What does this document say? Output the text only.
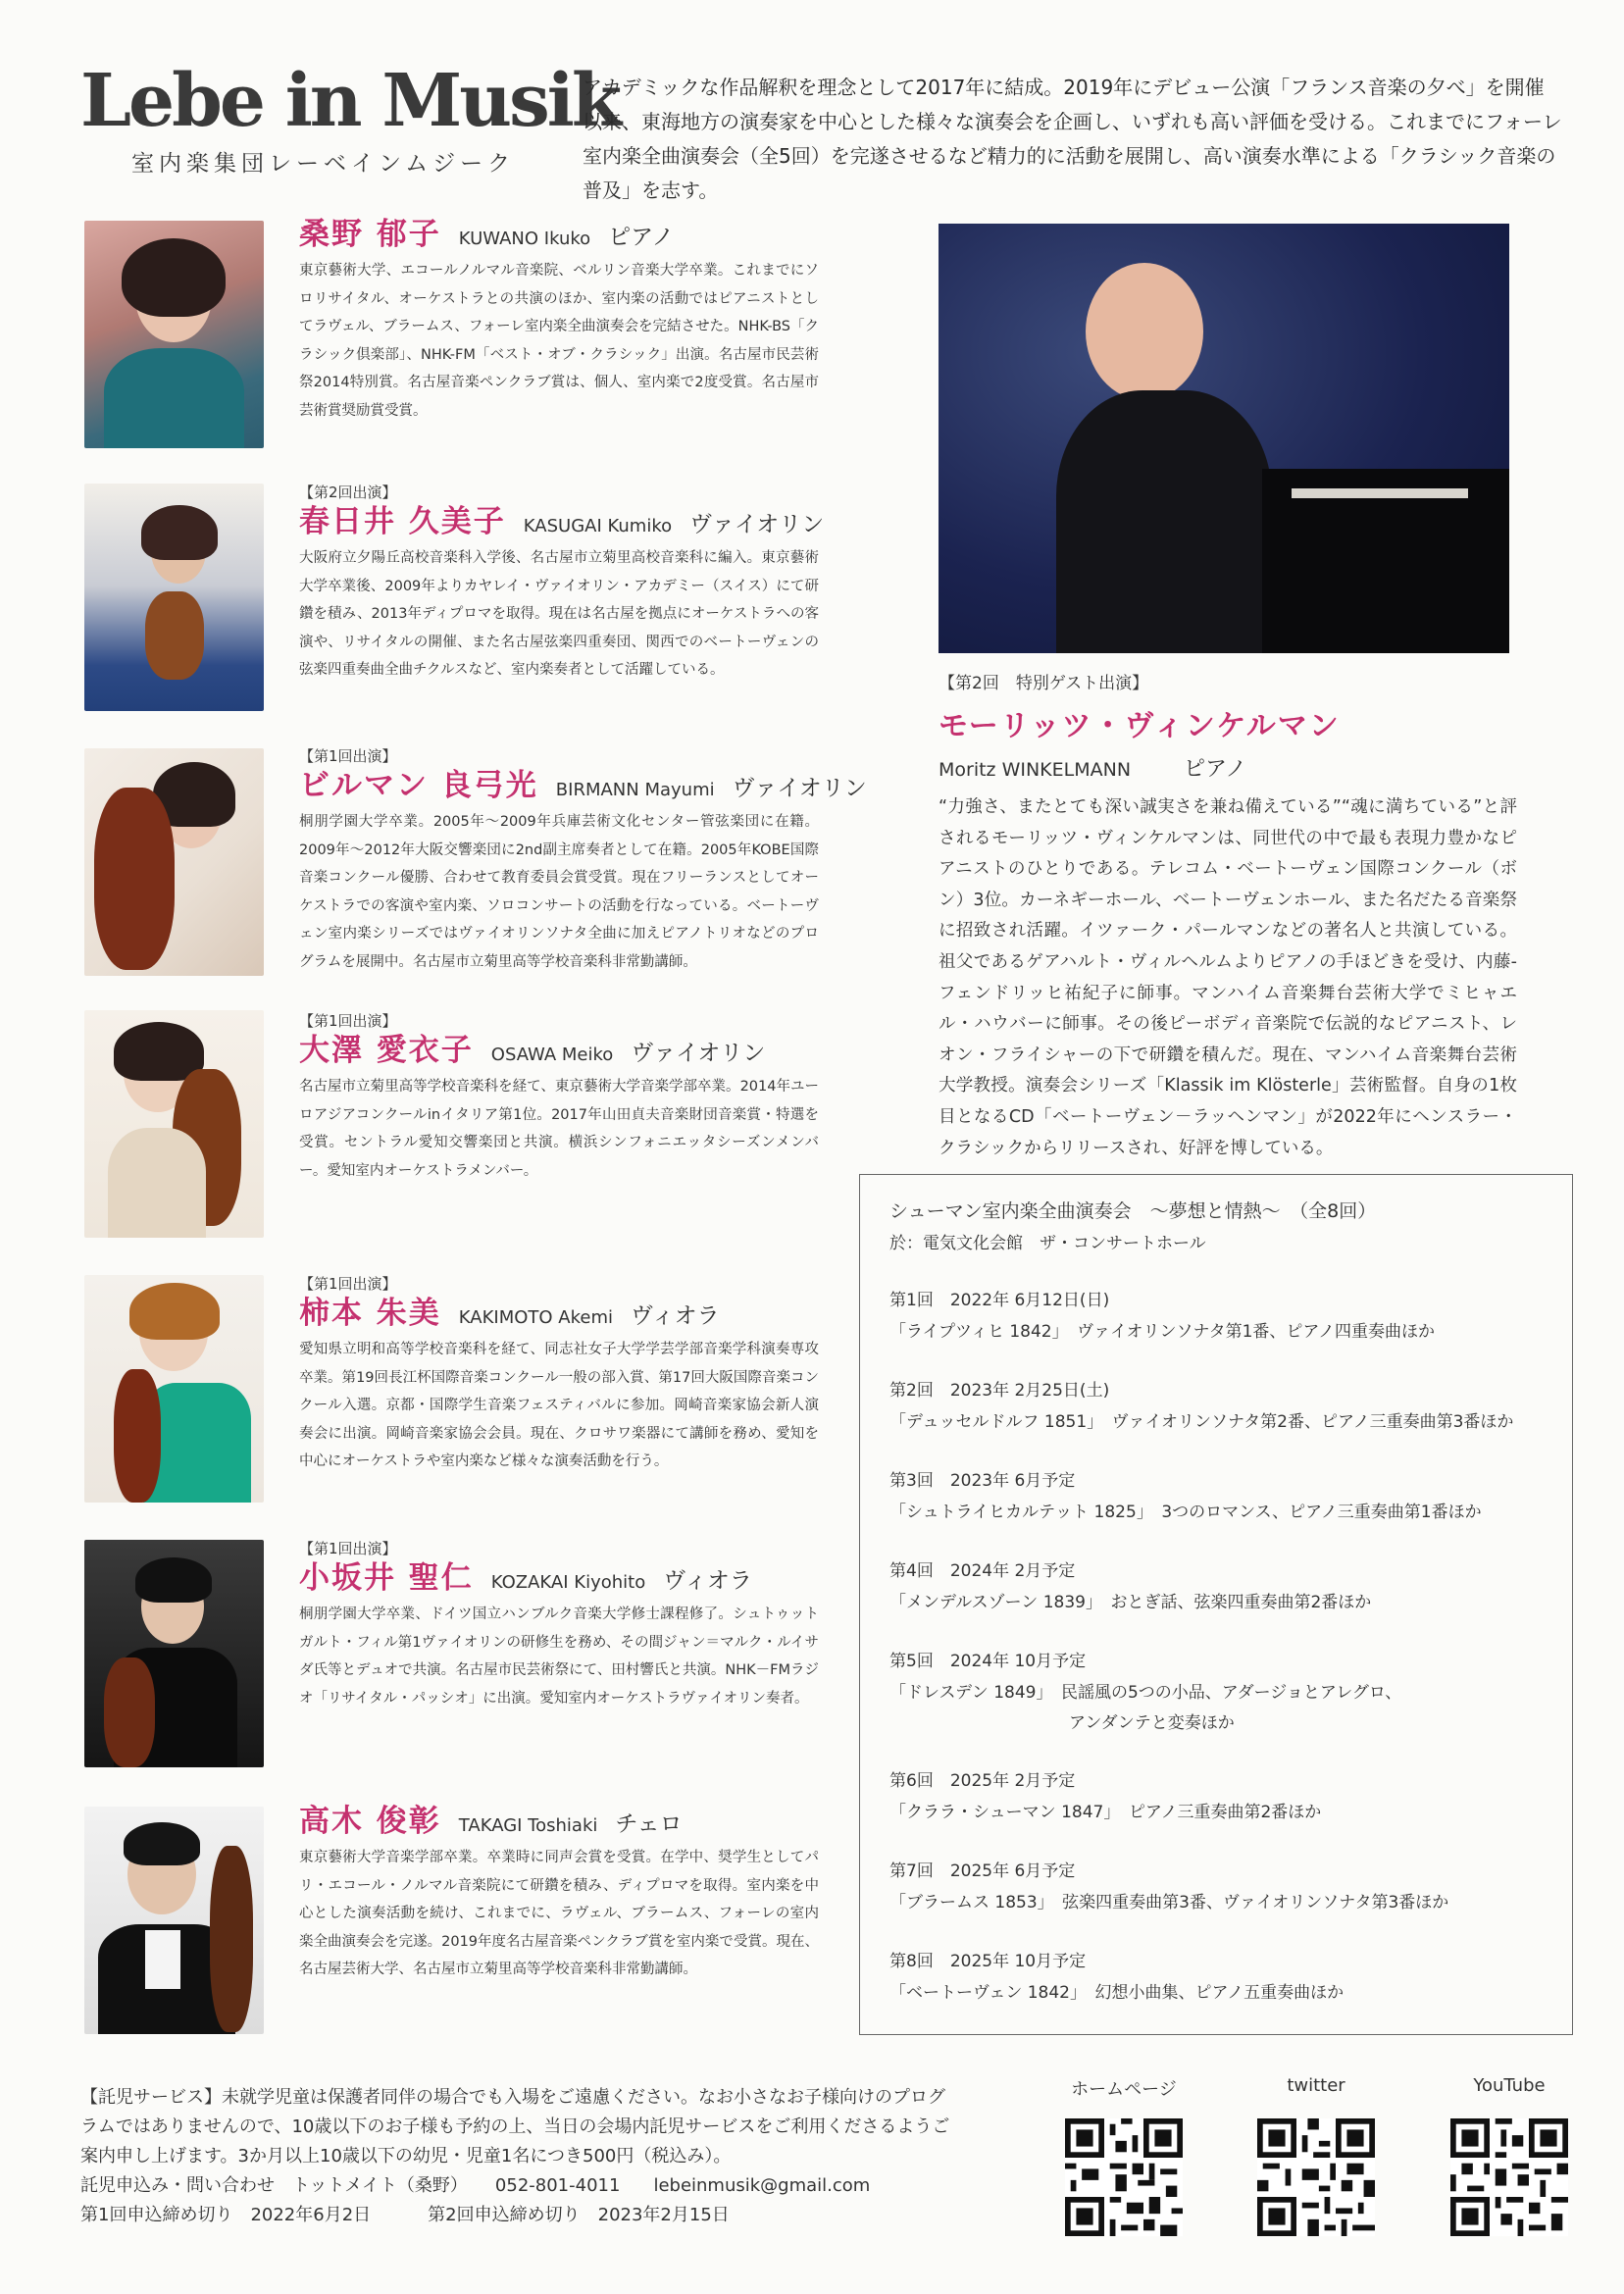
Lebe in Musik
室内楽集団レーベインムジーク
アカデミックな作品解釈を理念として2017年に結成。2019年にデビュー公演「フランス音楽の夕べ」を開催以来、東海地方の演奏家を中心とした様々な演奏会を企画し、いずれも高い評価を受ける。これまでにフォーレ室内楽全曲演奏会（全5回）を完遂させるなど精力的に活動を展開し、高い演奏水準による「クラシック音楽の普及」を志す。
桑野 郁子 KUWANO Ikuko ピアノ
東京藝術大学、エコールノルマル音楽院、ベルリン音楽大学卒業。これまでにソロリサイタル、オーケストラとの共演のほか、室内楽の活動ではピアニストとしてラヴェル、ブラームス、フォーレ室内楽全曲演奏会を完結させた。NHK-BS「クラシック倶楽部」、NHK-FM「ベスト・オブ・クラシック」出演。名古屋市民芸術祭2014特別賞。名古屋音楽ペンクラブ賞は、個人、室内楽で2度受賞。名古屋市芸術賞奨励賞受賞。
【第2回出演】
春日井 久美子 KASUGAI Kumiko ヴァイオリン
大阪府立夕陽丘高校音楽科入学後、名古屋市立菊里高校音楽科に編入。東京藝術大学卒業後、2009年よりカヤレイ・ヴァイオリン・アカデミー（スイス）にて研鑽を積み、2013年ディプロマを取得。現在は名古屋を拠点にオーケストラへの客演や、リサイタルの開催、また名古屋弦楽四重奏団、関西でのベートーヴェンの弦楽四重奏曲全曲チクルスなど、室内楽奏者として活躍している。
【第1回出演】
ビルマン 良弓光 BIRMANN Mayumi ヴァイオリン
桐朋学園大学卒業。2005年～2009年兵庫芸術文化センター管弦楽団に在籍。2009年～2012年大阪交響楽団に2nd副主席奏者として在籍。2005年KOBE国際音楽コンクール優勝、合わせて教育委員会賞受賞。現在フリーランスとしてオーケストラでの客演や室内楽、ソロコンサートの活動を行なっている。ベートーヴェン室内楽シリーズではヴァイオリンソナタ全曲に加えピアノトリオなどのプログラムを展開中。名古屋市立菊里高等学校音楽科非常勤講師。
【第1回出演】
大澤 愛衣子 OSAWA Meiko ヴァイオリン
名古屋市立菊里高等学校音楽科を経て、東京藝術大学音楽学部卒業。2014年ユーロアジアコンクールinイタリア第1位。2017年山田貞夫音楽財団音楽賞・特選を受賞。セントラル愛知交響楽団と共演。横浜シンフォニエッタシーズンメンバー。愛知室内オーケストラメンバー。
【第1回出演】
柿本 朱美 KAKIMOTO Akemi ヴィオラ
愛知県立明和高等学校音楽科を経て、同志社女子大学学芸学部音楽学科演奏専攻卒業。第19回長江杯国際音楽コンクール一般の部入賞、第17回大阪国際音楽コンクール入選。京都・国際学生音楽フェスティバルに参加。岡崎音楽家協会新人演奏会に出演。岡崎音楽家協会会員。現在、クロサワ楽器にて講師を務め、愛知を中心にオーケストラや室内楽など様々な演奏活動を行う。
【第1回出演】
小坂井 聖仁 KOZAKAI Kiyohito ヴィオラ
桐朋学園大学卒業、ドイツ国立ハンブルク音楽大学修士課程修了。シュトゥットガルト・フィル第1ヴァイオリンの研修生を務め、その間ジャン＝マルク・ルイサダ氏等とデュオで共演。名古屋市民芸術祭にて、田村響氏と共演。NHK－FMラジオ「リサイタル・パッシオ」に出演。愛知室内オーケストラヴァイオリン奏者。
高木 俊彰 TAKAGI Toshiaki チェロ
東京藝術大学音楽学部卒業。卒業時に同声会賞を受賞。在学中、奨学生としてパリ・エコール・ノルマル音楽院にて研鑽を積み、ディプロマを取得。室内楽を中心とした演奏活動を続け、これまでに、ラヴェル、ブラームス、フォーレの室内楽全曲演奏会を完遂。2019年度名古屋音楽ペンクラブ賞を室内楽で受賞。現在、名古屋芸術大学、名古屋市立菊里高等学校音楽科非常勤講師。
【第2回　特別ゲスト出演】
モーリッツ・ヴィンケルマン
Moritz WINKELMANN ピアノ
“力強さ、またとても深い誠実さを兼ね備えている”“魂に満ちている”と評されるモーリッツ・ヴィンケルマンは、同世代の中で最も表現力豊かなピアニストのひとりである。テレコム・ベートーヴェン国際コンクール（ボン）3位。カーネギーホール、ベートーヴェンホール、また名だたる音楽祭に招致され活躍。イツァーク・パールマンなどの著名人と共演している。祖父であるゲアハルト・ヴィルヘルムよりピアノの手ほどきを受け、内藤-フェンドリッヒ祐紀子に師事。マンハイム音楽舞台芸術大学でミヒャエル・ハウバーに師事。その後ピーボディ音楽院で伝説的なピアニスト、レオン・フライシャーの下で研鑽を積んだ。現在、マンハイム音楽舞台芸術大学教授。演奏会シリーズ「Klassik im Klösterle」芸術監督。自身の1枚目となるCD「ベートーヴェン－ラッヘンマン」が2022年にヘンスラー・クラシックからリリースされ、好評を博している。
シューマン室内楽全曲演奏会　～夢想と情熱～　（全8回）
於：電気文化会館　ザ・コンサートホール
第1回　2022年 6月12日(日)
「ライプツィヒ 1842」　ヴァイオリンソナタ第1番、ピアノ四重奏曲ほか
第2回　2023年 2月25日(土)
「デュッセルドルフ 1851」　ヴァイオリンソナタ第2番、ピアノ三重奏曲第3番ほか
第3回　2023年 6月予定
「シュトライヒカルテット 1825」　3つのロマンス、ピアノ三重奏曲第1番ほか
第4回　2024年 2月予定
「メンデルスゾーン 1839」　おとぎ話、弦楽四重奏曲第2番ほか
第5回　2024年 10月予定
「ドレスデン 1849」　民謡風の5つの小品、アダージョとアレグロ、
アンダンテと変奏ほか
第6回　2025年 2月予定
「クララ・シューマン 1847」　ピアノ三重奏曲第2番ほか
第7回　2025年 6月予定
「ブラームス 1853」　弦楽四重奏曲第3番、ヴァイオリンソナタ第3番ほか
第8回　2025年 10月予定
「ベートーヴェン 1842」　幻想小曲集、ピアノ五重奏曲ほか
【託児サービス】未就学児童は保護者同伴の場合でも入場をご遠慮ください。なお小さなお子様向けのプログ
ラムではありませんので、10歳以下のお子様も予約の上、当日の会場内託児サービスをご利用くださるようご
案内申し上げます。3か月以上10歳以下の幼児・児童1名につき500円（税込み）。
託児申込み・問い合わせ　トットメイト（桑野） 052-801-4011 lebeinmusik@gmail.com
第1回申込締め切り　2022年6月2日	第2回申込締め切り　2023年2月15日
ホームページ	twitter	YouTube
